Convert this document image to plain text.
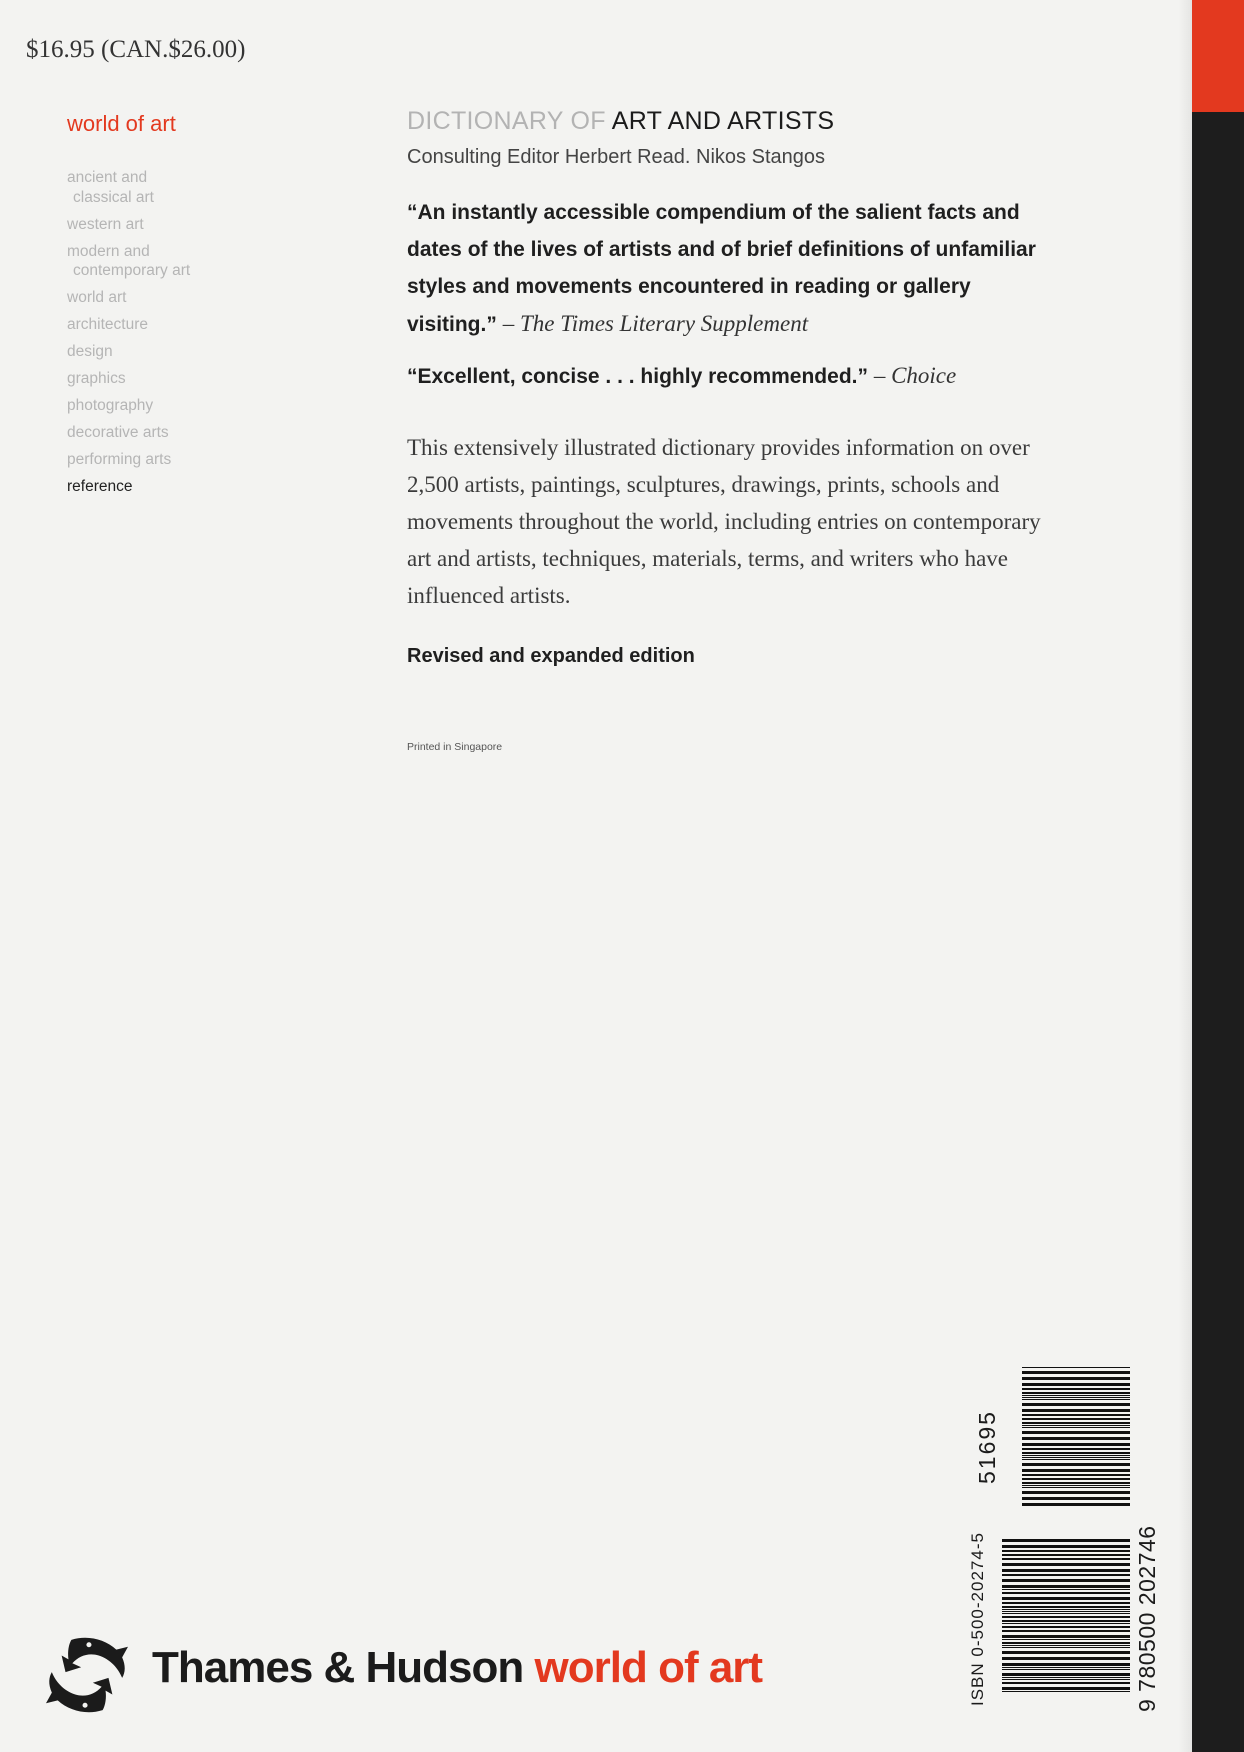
$16.95 (CAN.$26.00)
world of art
ancient and
classical art
western art
modern and
contemporary art
world art
architecture
design
graphics
photography
decorative arts
performing arts
reference
DICTIONARY OF ART AND ARTISTS
Consulting Editor Herbert Read. Nikos Stangos
“An instantly accessible compendium of the salient facts and dates of the lives of artists and of brief definitions of unfamiliar styles and movements encountered in reading or gallery visiting.” – The Times Literary Supplement
“Excellent, concise . . . highly recommended.” – Choice
This extensively illustrated dictionary provides information on over 2,500 artists, paintings, sculptures, drawings, prints, schools and movements throughout the world, including entries on contemporary art and artists, techniques, materials, terms, and writers who have influenced artists.
Revised and expanded edition
Printed in Singapore
Thames & Hudson world of art	ISBN 0-500-20274-5	9 780500 202746
51695
